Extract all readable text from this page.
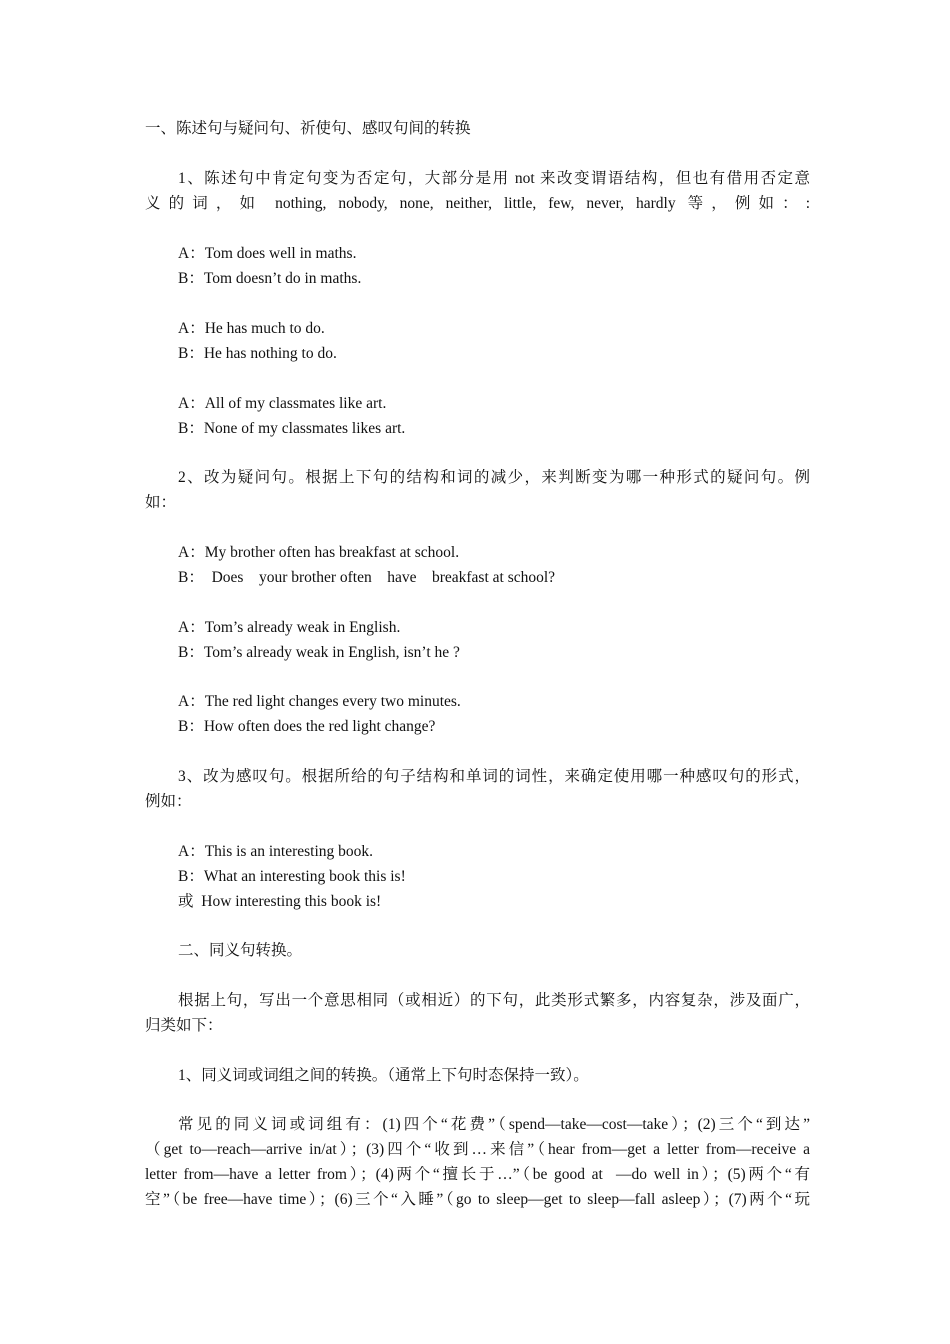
一、陈述句与疑问句、祈使句、感叹句间的转换
1、陈述句中肯定句变为否定句，大部分是用 not 来改变谓语结构，但也有借用否定意
义的词，如 nothing, nobody, none, neither, little, few, never, hardly 等，例如：:
A：Tom does well in maths.
B：Tom doesn’t do in maths.
A：He has much to do.
B：He has nothing to do.
A：All of my classmates like art.
B：None of my classmates likes art.
2、改为疑问句。根据上下句的结构和词的减少，来判断变为哪一种形式的疑问句。例
如：
A：My brother often has breakfast at school.
B：  Does    your brother often    have    breakfast at school?
A：Tom’s already weak in English.
B：Tom’s already weak in English, isn’t he ?
A：The red light changes every two minutes.
B：How often does the red light change?
3、改为感叹句。根据所给的句子结构和单词的词性，来确定使用哪一种感叹句的形式，
例如：
A：This is an interesting book.
B：What an interesting book this is!
或  How interesting this book is!
二、同义句转换。
根据上句，写出一个意思相同（或相近）的下句，此类形式繁多，内容复杂，涉及面广，
归类如下：
1、同义词或词组之间的转换。（通常上下句时态保持一致）。
常见的同义词或词组有：(1)四个“花费”（spend—take—cost—take）；(2)三个“到达”
（get to—reach—arrive in/at）；(3)四个“收到…来信”（hear from—get a letter from—receive a
letter from—have a letter from）；(4)两个“擅长于…”（be good at  —do well in）；(5)两个“有
空”（be free—have time）；(6)三个“入睡”（go to sleep—get to sleep—fall asleep）；(7)两个“玩
